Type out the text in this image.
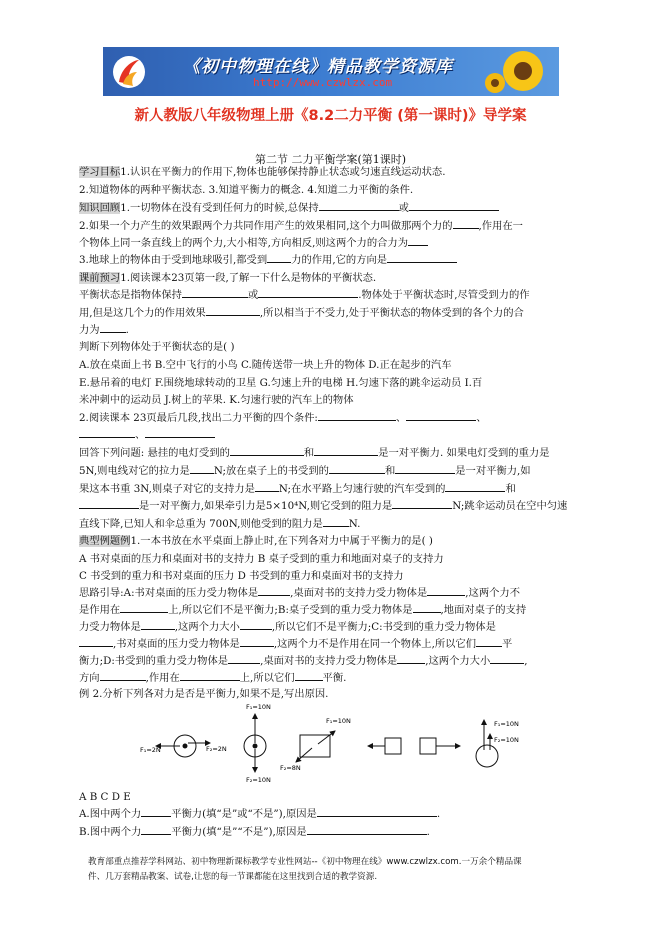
《初中物理在线》精品教学资源库
http://www.czwlzx.com
新人教版八年级物理上册《8.2二力平衡 (第一课时)》导学案
第二节 二力平衡学案(第1课时)
学习目标1.认识在平衡力的作用下,物体也能够保持静止状态或匀速直线运动状态.
2.知道物体的两种平衡状态. 3.知道平衡力的概念. 4.知道二力平衡的条件.
知识回顾1.一切物体在没有受到任何力的时候,总保持	或
2.如果一个力产生的效果跟两个力共同作用产生的效果相同,这个力叫做那两个力的	,作用在一
个物体上同一条直线上的两个力,大小相等,方向相反,则这两个力的合力为
3.地球上的物体由于受到地球吸引,都受到 力的作用,它的方向是
课前预习1.阅读课本23页第一段,了解一下什么是物体的平衡状态.
平衡状态是指物体保持	或	.物体处于平衡状态时,尽管受到力的作
用,但是这几个力的作用效果	,所以相当于不受力,处于平衡状态的物体受到的各个力的合
力为	.
判断下列物体处于平衡状态的是( )
A.放在桌面上书 B.空中飞行的小鸟 C.随传送带一块上升的物体 D.正在起步的汽车
E.悬吊着的电灯 F.围绕地球转动的卫星 G.匀速上升的电梯 H.匀速下落的跳伞运动员 I.百
米冲刺中的运动员 J.树上的苹果. K.匀速行驶的汽车上的物体
2.阅读课本 23页最后几段,找出二力平衡的四个条件:	、	、
、
回答下列问题: 悬挂的电灯受到的	和	是一对平衡力. 如果电灯受到的重力是
5N,则电线对它的拉力是 N;放在桌子上的书受到的	和	是一对平衡力,如
果这本书重 3N,则桌子对它的支持力是 N;在水平路上匀速行驶的汽车受到的	和
是一对平衡力,如果牵引力是5×10⁴N,则它受到的阻力是	N;跳伞运动员在空中匀速
直线下降,已知人和伞总重为 700N,则他受到的阻力是	N.
典型例题例1.一本书放在水平桌面上静止时,在下列各对力中属于平衡力的是( )
A 书对桌面的压力和桌面对书的支持力 B 桌子受到的重力和地面对桌子的支持力
C 书受到的重力和书对桌面的压力 D 书受到的重力和桌面对书的支持力
思路引导:A:书对桌面的压力受力物体是	,桌面对书的支持力受力物体是	,这两个力不
是作用在	上,所以它们不是平衡力;B:桌子受到的重力受力物体是	,地面对桌子的支持
力受力物体是	,这两个力大小	,所以它们不是平衡力;C:书受到的重力受力物体是
,书对桌面的压力受力物体是	,这两个力不是作用在同一个物体上,所以它们	平
衡力;D:书受到的重力受力物体是	,桌面对书的支持力受力物体是	,这两个力大小	,
方向	,作用在	上,所以它们	平衡.
例 2.分析下列各对力是否是平衡力,如果不是,写出原因.
F₁=2N	F₂=2N
F₁=10N
F₂=10N
F₁=10N
F₂=8N
F₁=10N
F₂=10N
A B C D E
A.图中两个力	平衡力(填“是”或“不是”),原因是	.
B.图中两个力	平衡力(填“是”“不是”),原因是	.
教育部重点推荐学科网站、初中物理新课标教学专业性网站--《初中物理在线》www.czwlzx.com.一万余个精品课
件、几万套精品教案、试卷,让您的每一节课都能在这里找到合适的教学资源.
